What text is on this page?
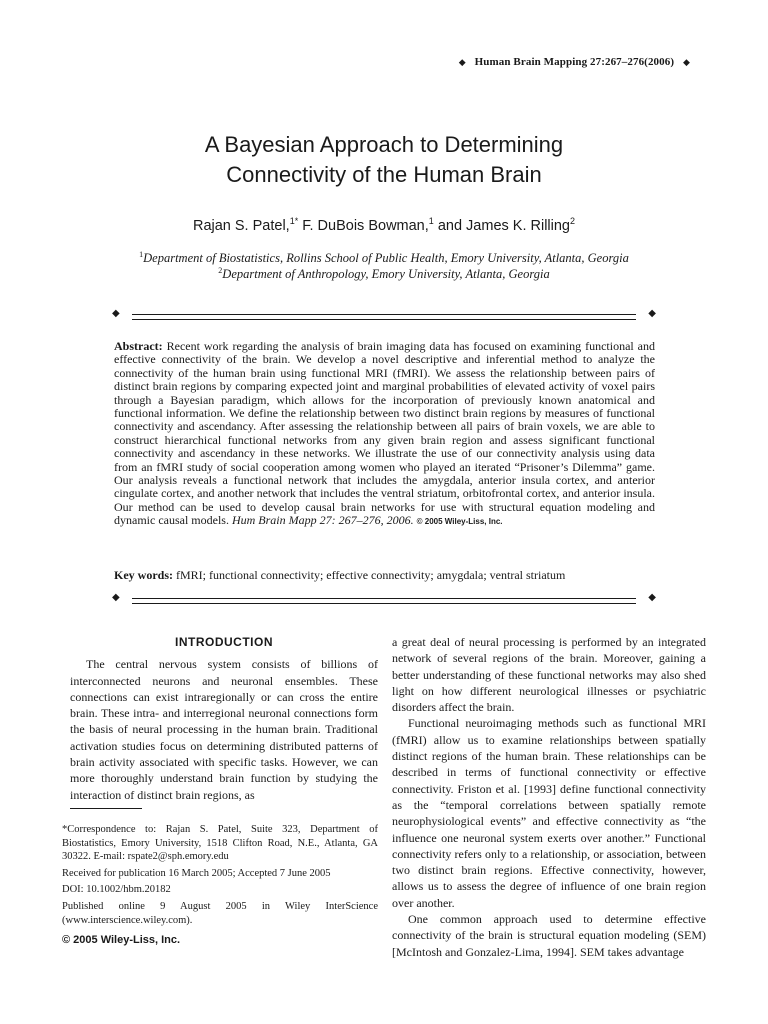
◆ Human Brain Mapping 27:267–276(2006) ◆
A Bayesian Approach to Determining
Connectivity of the Human Brain
Rajan S. Patel,$^{1*}$ F. DuBois Bowman,$^1$ and James K. Rilling$^2$
$^1$Department of Biostatistics, Rollins School of Public Health, Emory University, Atlanta, Georgia
$^2$Department of Anthropology, Emory University, Atlanta, Georgia
◆	◆
Abstract: Recent work regarding the analysis of brain imaging data has focused on examining functional and effective connectivity of the brain. We develop a novel descriptive and inferential method to analyze the connectivity of the human brain using functional MRI (fMRI). We assess the relationship between pairs of distinct brain regions by comparing expected joint and marginal probabilities of elevated activity of voxel pairs through a Bayesian paradigm, which allows for the incorporation of previously known anatomical and functional information. We define the relationship between two distinct brain regions by measures of functional connectivity and ascendancy. After assessing the relationship between all pairs of brain voxels, we are able to construct hierarchical functional networks from any given brain region and assess significant functional connectivity and ascendancy in these networks. We illustrate the use of our connectivity analysis using data from an fMRI study of social cooperation among women who played an iterated “Prisoner’s Dilemma” game. Our analysis reveals a functional network that includes the amygdala, anterior insula cortex, and anterior cingulate cortex, and another network that includes the ventral striatum, orbitofrontal cortex, and anterior insula. Our method can be used to develop causal brain networks for use with structural equation modeling and dynamic causal models. Hum Brain Mapp 27: 267–276, 2006. © 2005 Wiley-Liss, Inc.
Key words: fMRI; functional connectivity; effective connectivity; amygdala; ventral striatum
◆	◆
INTRODUCTION

The central nervous system consists of billions of interconnected neurons and neuronal ensembles. These connections can exist intraregionally or can cross the entire brain. These intra- and interregional neuronal connections form the basis of neural processing in the human brain. Traditional activation studies focus on determining distributed patterns of brain activity associated with specific tasks. However, we can more thoroughly understand brain function by studying the interaction of distinct brain regions, as

*Correspondence to: Rajan S. Patel, Suite 323, Department of Biostatistics, Emory University, 1518 Clifton Road, N.E., Atlanta, GA 30322. E-mail: rspate2@sph.emory.edu

Received for publication 16 March 2005; Accepted 7 June 2005

DOI: 10.1002/hbm.20182

Published online 9 August 2005 in Wiley InterScience (www.interscience.wiley.com).

© 2005 Wiley-Liss, Inc.

a great deal of neural processing is performed by an integrated network of several regions of the brain. Moreover, gaining a better understanding of these functional networks may also shed light on how different neurological illnesses or psychiatric disorders affect the brain.

Functional neuroimaging methods such as functional MRI (fMRI) allow us to examine relationships between spatially distinct regions of the human brain. These relationships can be described in terms of functional connectivity or effective connectivity. Friston et al. [1993] define functional connectivity as the “temporal correlations between spatially remote neurophysiological events” and effective connectivity as “the influence one neuronal system exerts over another.” Functional connectivity refers only to a relationship, or association, between two distinct brain regions. Effective connectivity, however, allows us to assess the degree of influence of one brain region over another.

One common approach used to determine effective connectivity of the brain is structural equation modeling (SEM) [McIntosh and Gonzalez-Lima, 1994]. SEM takes advantage
